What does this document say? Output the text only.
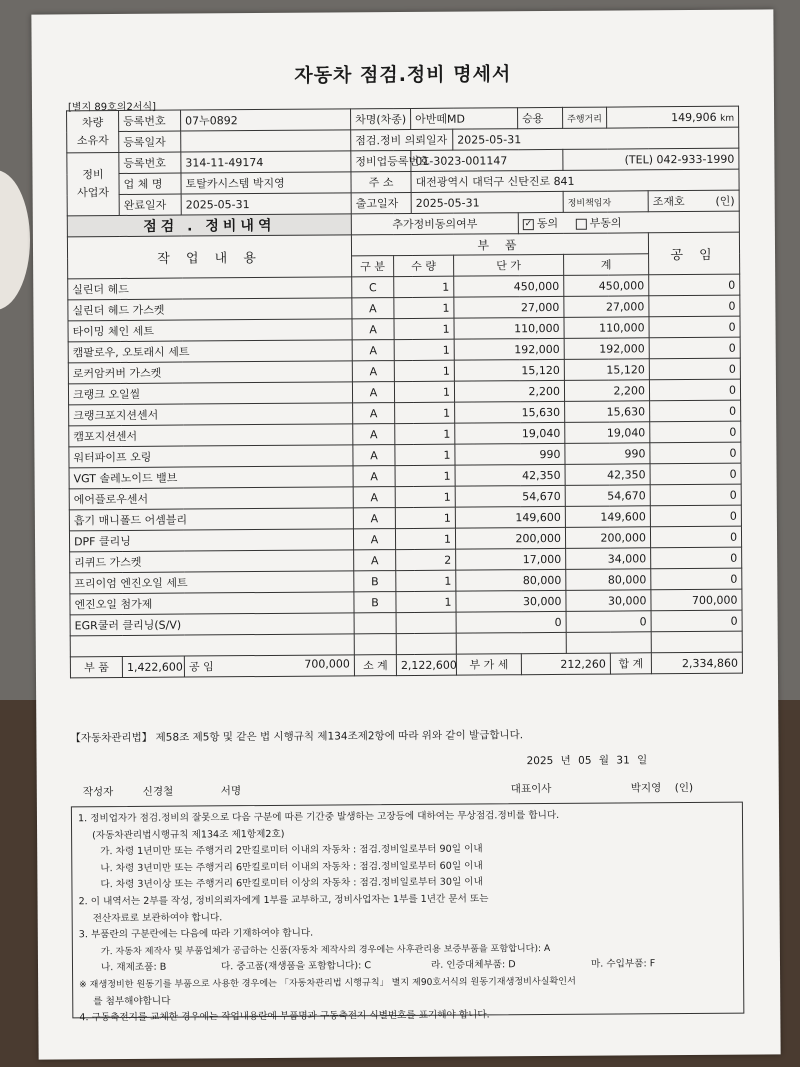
자동차 점검.정비 명세서
[별지 89호의2서식]
차량
소유자	등록번호	07누0892	차명(차종)		아반떼MD		승용	주행거리	149,906 km	
	등록일자		점검.정비 의뢰일자			2025-05-31				

정비
사업자	등록번호	314-11-49174	정비업등록번호		01-3023-001147			(TEL) 042-933-1990		
	업 체 명	토탈카시스템 박지영	주 소		대전광역시 대덕구 신탄진로 841					
	완료일자	2025-05-31	출고일자		2025-05-31			정비책임자		조재호 (인)

점검 . 정비내역			추가정비동의여부				✓ 동의 부동의			
작 업 내 용			부 품							공 임
			구 분	수 량		단 가		계		
실린더 헤드			C	1		450,000		450,000		0
실린더 헤드 가스켓			A	1		27,000		27,000		0
타이밍 체인 세트			A	1		110,000		110,000		0
캠팔로우, 오토래시 세트			A	1		192,000		192,000		0
로커암커버 가스켓			A	1		15,120		15,120		0
크랭크 오일씰			A	1		2,200		2,200		0
크랭크포지션센서			A	1		15,630		15,630		0
캠포지션센서			A	1		19,040		19,040		0
워터파이프 오링			A	1		990		990		0
VGT 솔레노이드 밸브			A	1		42,350		42,350		0
에어플로우센서			A	1		54,670		54,670		0
흡기 매니폴드 어셈블리			A	1		149,600		149,600		0
DPF 클리닝			A	1		200,000		200,000		0
리퀴드 가스켓			A	2		17,000		34,000		0
프리이엄 엔진오일 세트			B	1		80,000		80,000		0
엔진오일 첨가제			B	1		30,000		30,000		700,000
EGR쿨러 클리닝(S/V)						0		0		0

부 품	1,422,600	공 임 700,000	소 계	2,122,600		부 가 세	212,260		합 계	2,334,860
【자동차관리법】 제58조 제5항 및 같은 법 시행규칙 제134조제2항에 따라 위와 같이 발급합니다.
2025 년 05 월 31 일
작성자	신경철	서명	대표이사	박지영 (인)
1. 정비업자가 점검.정비의 잘못으로 다음 구분에 따른 기간중 발생하는 고장등에 대하여는 무상점검.정비를 합니다.
(자동차관리법시행규칙 제134조 제1항제2호)
가. 차령 1년미만 또는 주행거리 2만킬로미터 이내의 자동차 : 점검.정비일로부터 90일 이내
나. 차령 3년미만 또는 주행거리 6만킬로미터 이내의 자동차 : 점검.정비일로부터 60일 이내
다. 차령 3년이상 또는 주행거리 6만킬로미터 이상의 자동차 : 점검.정비일로부터 30일 이내
2. 이 내역서는 2부를 작성, 정비의뢰자에게 1부를 교부하고, 정비사업자는 1부를 1년간 문서 또는
전산자료로 보관하여야 합니다.
3. 부품란의 구분란에는 다음에 따라 기재하여야 합니다.
가. 자동차 제작사 및 부품업체가 공급하는 신품(자동차 제작사의 경우에는 사후관리용 보증부품을 포함합니다): A
나. 재제조품: B	다. 중고품(재생품을 포함합니다): C	라. 인증대체부품: D	마. 수입부품: F
※ 재생정비한 원동기를 부품으로 사용한 경우에는 「자동차관리법 시행규칙」 별지 제90호서식의 원동기재생정비사실확인서
를 첨부해야합니다
4. 구동축전지를 교체한 경우에는 작업내용란에 부품명과 구동축전지 식별번호를 표기해야 합니다.
